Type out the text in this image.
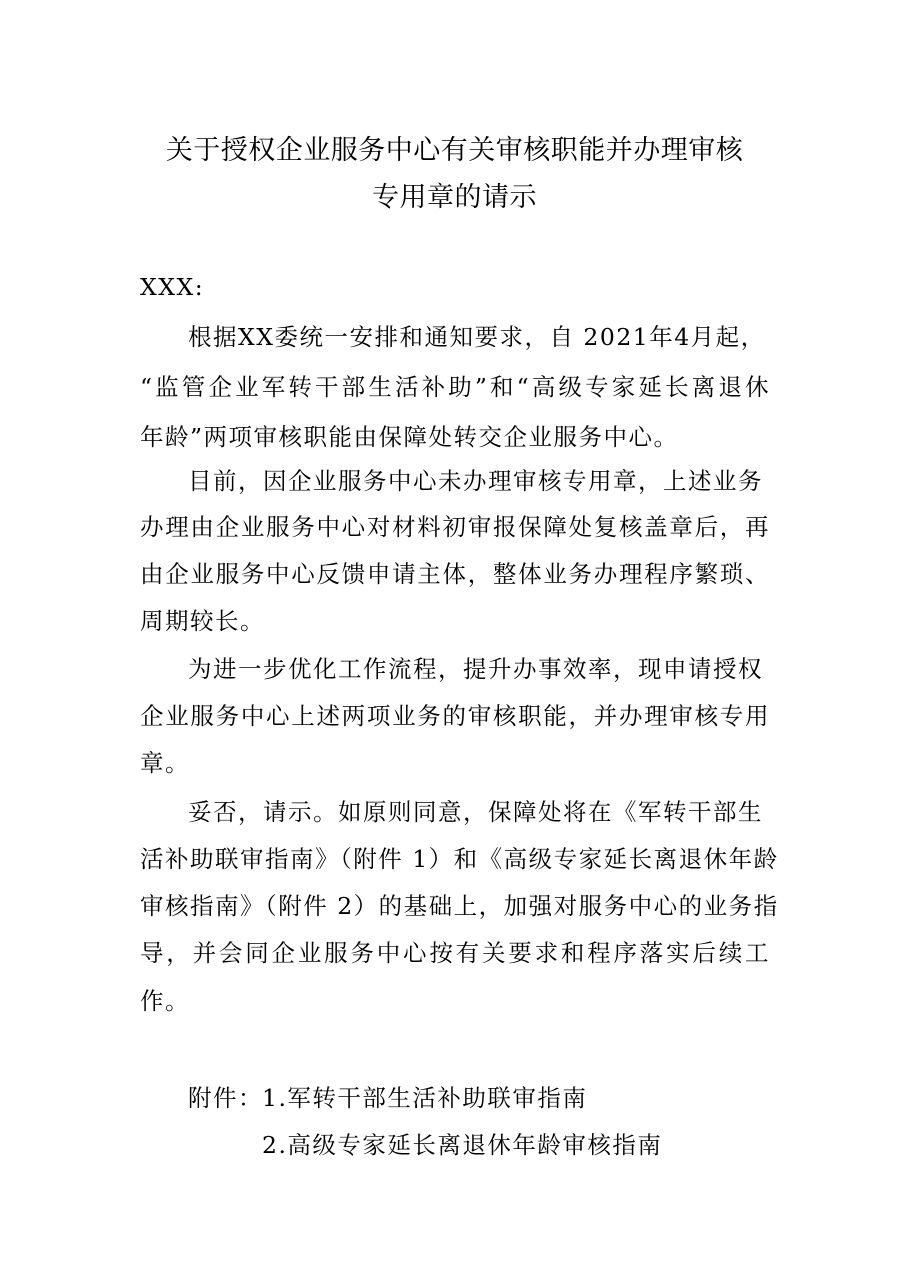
关于授权企业服务中心有关审核职能并办理审核
专用章的请示
XXX:
根据XX委统一安排和通知要求，自 2021年4月起，
“监管企业军转干部生活补助”和“高级专家延长离退休
年龄”两项审核职能由保障处转交企业服务中心。
目前，因企业服务中心未办理审核专用章，上述业务
办理由企业服务中心对材料初审报保障处复核盖章后，再
由企业服务中心反馈申请主体，整体业务办理程序繁琐、
周期较长。
为进一步优化工作流程，提升办事效率，现申请授权
企业服务中心上述两项业务的审核职能，并办理审核专用
章。
妥否，请示。如原则同意，保障处将在《军转干部生
活补助联审指南》（附件 1）和《高级专家延长离退休年龄
审核指南》（附件 2）的基础上，加强对服务中心的业务指
导，并会同企业服务中心按有关要求和程序落实后续工
作。
附件： 1.军转干部生活补助联审指南
2.高级专家延长离退休年龄审核指南
